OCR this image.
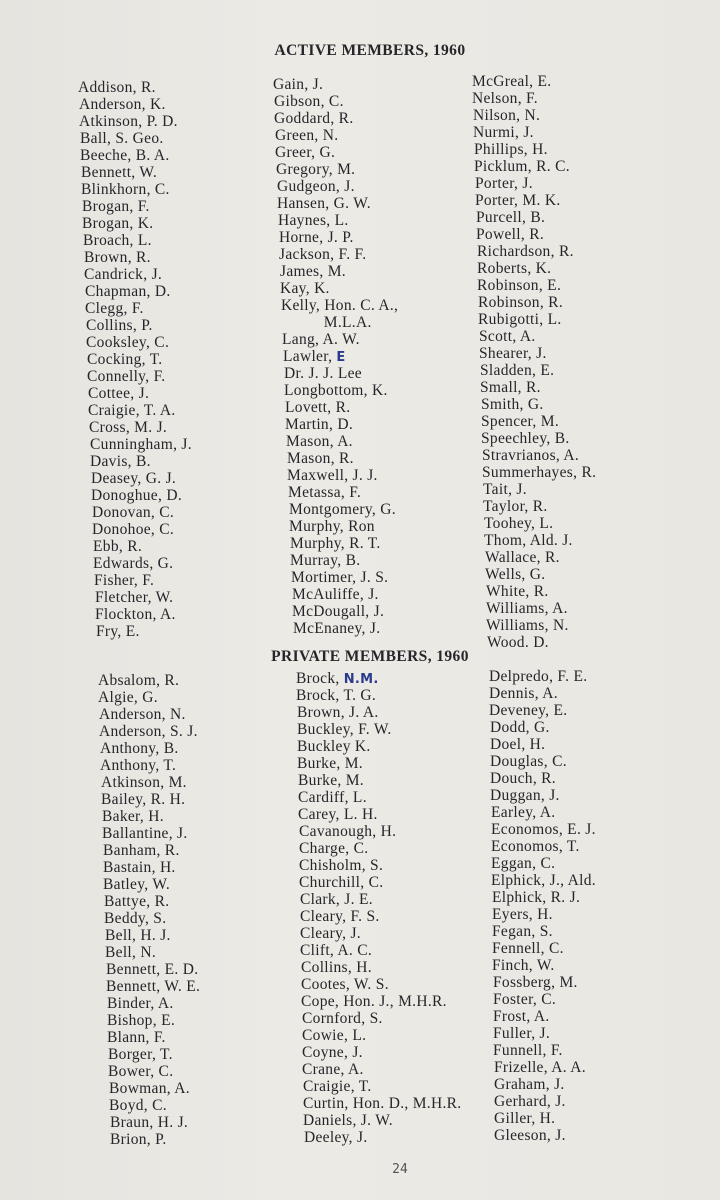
ACTIVE MEMBERS, 1960
Addison, R.
Anderson, K.
Atkinson, P. D.
Ball, S. Geo.
Beeche, B. A.
Bennett, W.
Blinkhorn, C.
Brogan, F.
Brogan, K.
Broach, L.
Brown, R.
Candrick, J.
Chapman, D.
Clegg, F.
Collins, P.
Cooksley, C.
Cocking, T.
Connelly, F.
Cottee, J.
Craigie, T. A.
Cross, M. J.
Cunningham, J.
Davis, B.
Deasey, G. J.
Donoghue, D.
Donovan, C.
Donohoe, C.
Ebb, R.
Edwards, G.
Fisher, F.
Fletcher, W.
Flockton, A.
Fry, E.
Gain, J.
Gibson, C.
Goddard, R.
Green, N.
Greer, G.
Gregory, M.
Gudgeon, J.
Hansen, G. W.
Haynes, L.
Horne, J. P.
Jackson, F. F.
James, M.
Kay, K.
Kelly, Hon. C. A.,
M.L.A.
Lang, A. W.
Lawler, E
Dr. J. J. Lee
Longbottom, K.
Lovett, R.
Martin, D.
Mason, A.
Mason, R.
Maxwell, J. J.
Metassa, F.
Montgomery, G.
Murphy, Ron
Murphy, R. T.
Murray, B.
Mortimer, J. S.
McAuliffe, J.
McDougall, J.
McEnaney, J.
McGreal, E.
Nelson, F.
Nilson, N.
Nurmi, J.
Phillips, H.
Picklum, R. C.
Porter, J.
Porter, M. K.
Purcell, B.
Powell, R.
Richardson, R.
Roberts, K.
Robinson, E.
Robinson, R.
Rubigotti, L.
Scott, A.
Shearer, J.
Sladden, E.
Small, R.
Smith, G.
Spencer, M.
Speechley, B.
Stravrianos, A.
Summerhayes, R.
Tait, J.
Taylor, R.
Toohey, L.
Thom, Ald. J.
Wallace, R.
Wells, G.
White, R.
Williams, A.
Williams, N.
Wood. D.
PRIVATE MEMBERS, 1960
Absalom, R.
Algie, G.
Anderson, N.
Anderson, S. J.
Anthony, B.
Anthony, T.
Atkinson, M.
Bailey, R. H.
Baker, H.
Ballantine, J.
Banham, R.
Bastain, H.
Batley, W.
Battye, R.
Beddy, S.
Bell, H. J.
Bell, N.
Bennett, E. D.
Bennett, W. E.
Binder, A.
Bishop, E.
Blann, F.
Borger, T.
Bower, C.
Bowman, A.
Boyd, C.
Braun, H. J.
Brion, P.
Brock, N.M.
Brock, T. G.
Brown, J. A.
Buckley, F. W.
Buckley K.
Burke, M.
Burke, M.
Cardiff, L.
Carey, L. H.
Cavanough, H.
Charge, C.
Chisholm, S.
Churchill, C.
Clark, J. E.
Cleary, F. S.
Cleary, J.
Clift, A. C.
Collins, H.
Cootes, W. S.
Cope, Hon. J., M.H.R.
Cornford, S.
Cowie, L.
Coyne, J.
Crane, A.
Craigie, T.
Curtin, Hon. D., M.H.R.
Daniels, J. W.
Deeley, J.
Delpredo, F. E.
Dennis, A.
Deveney, E.
Dodd, G.
Doel, H.
Douglas, C.
Douch, R.
Duggan, J.
Earley, A.
Economos, E. J.
Economos, T.
Eggan, C.
Elphick, J., Ald.
Elphick, R. J.
Eyers, H.
Fegan, S.
Fennell, C.
Finch, W.
Fossberg, M.
Foster, C.
Frost, A.
Fuller, J.
Funnell, F.
Frizelle, A. A.
Graham, J.
Gerhard, J.
Giller, H.
Gleeson, J.
24
